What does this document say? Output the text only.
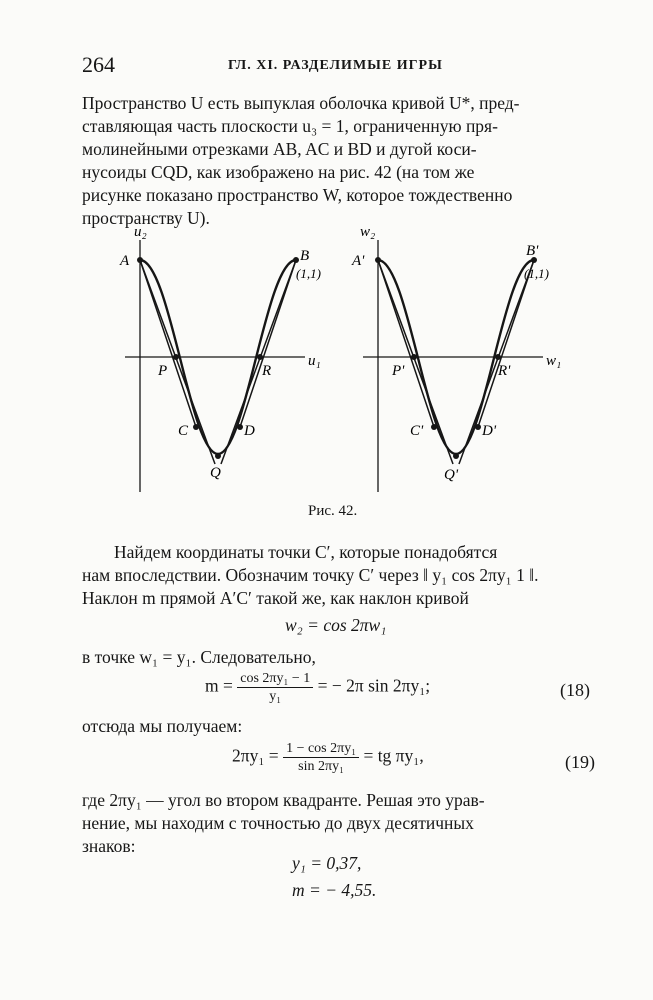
264	ГЛ. XI. РАЗДЕЛИМЫЕ ИГРЫ
Пространство U есть выпуклая оболочка кривой U*, пред-
ставляющая часть плоскости u₃ = 1, ограниченную пря-
молинейными отрезками AB, AC и BD и дугой коси-
нусоиды CQD, как изображено на рис. 42 (на том же
рисунке показано пространство W, которое тождественно
пространству U).
u₂
u₁
A	B
(1,1)
P	R
C	D
Q
w₂
w₁
A'
B'
(1,1)
P'	R'
C'	D'
Q'
Рис. 42.
Найдем координаты точки C′, которые понадобятся
нам впоследствии. Обозначим точку C′ через ‖ y₁ cos 2πy₁ 1 ‖.
Наклон m прямой A′C′ такой же, как наклон кривой
w₂ = cos 2πw₁
в точке w₁ = y₁. Следовательно,
$m = \frac{\text{cos 2πy₁ − 1}}{\text{y₁}}$ = − 2π sin 2πy₁;	(18)
отсюда мы получаем:
$2\pi y_1 = \frac{\text{1 − cos 2πy₁}}{\text{sin 2πy₁}}$ = tg πy₁,	(19)
где 2πy₁ — угол во втором квадранте. Решая это урав-
нение, мы находим с точностью до двух десятичных
знаков:
y₁ = 0,37,
m = − 4,55.
